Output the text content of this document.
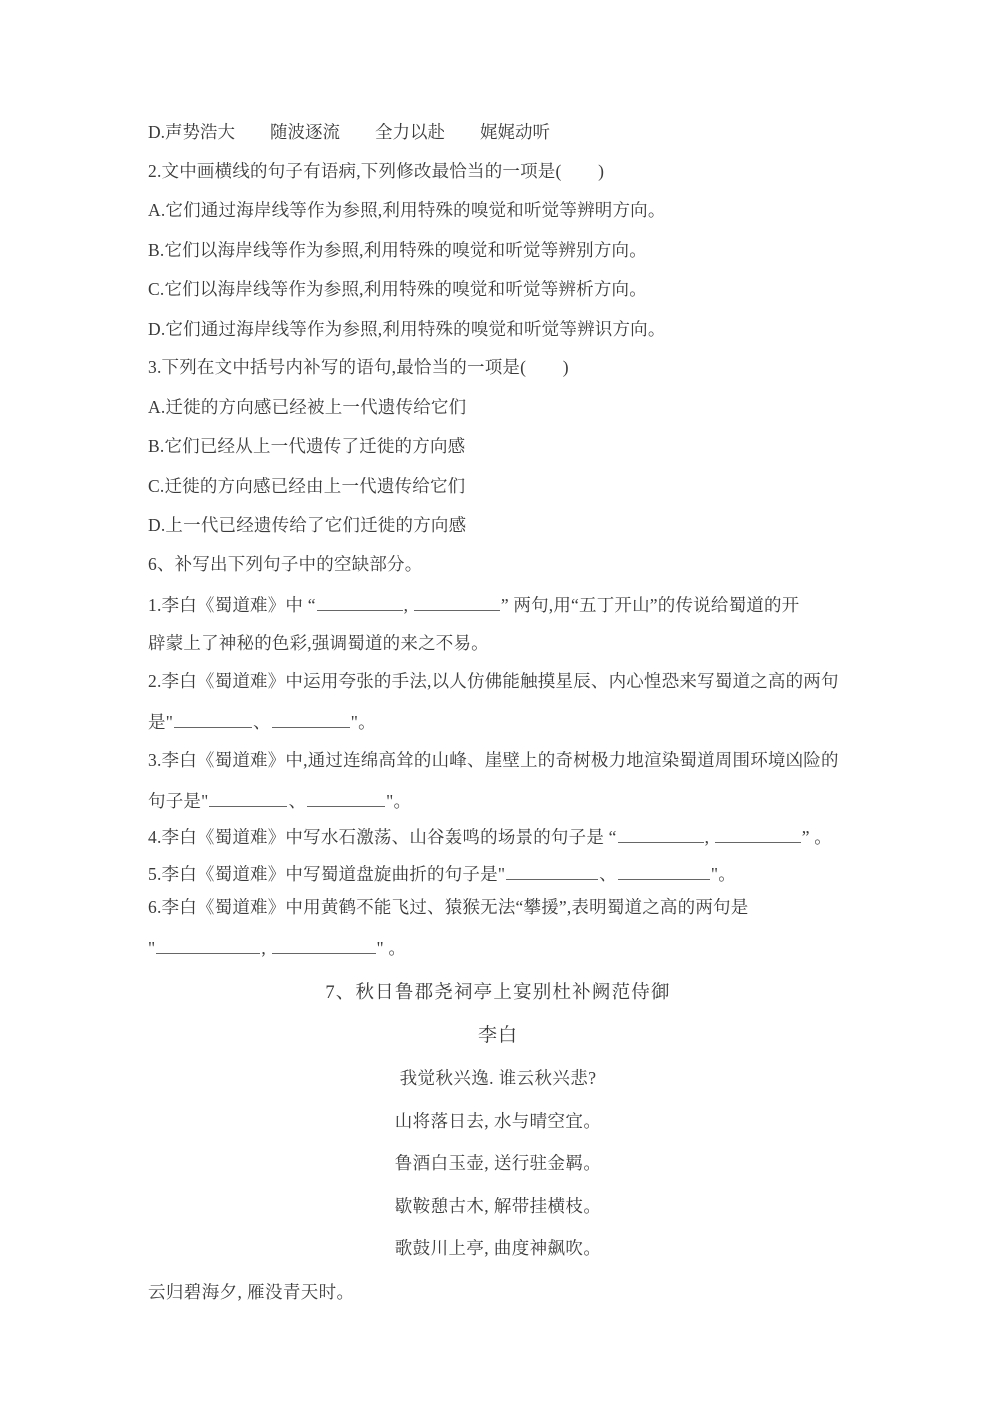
D.声势浩大        随波逐流        全力以赴        娓娓动听
2.文中画横线的句子有语病,下列修改最恰当的一项是(        )
A.它们通过海岸线等作为参照,利用特殊的嗅觉和听觉等辨明方向。
B.它们以海岸线等作为参照,利用特殊的嗅觉和听觉等辨别方向。
C.它们以海岸线等作为参照,利用特殊的嗅觉和听觉等辨析方向。
D.它们通过海岸线等作为参照,利用特殊的嗅觉和听觉等辨识方向。
3.下列在文中括号内补写的语句,最恰当的一项是(        )
A.迁徙的方向感已经被上一代遗传给它们
B.它们已经从上一代遗传了迁徙的方向感
C.迁徙的方向感已经由上一代遗传给它们
D.上一代已经遗传给了它们迁徙的方向感
6、补写出下列句子中的空缺部分。
1.李白《蜀道难》中 “	,	” 两句,用“五丁开山”的传说给蜀道的开
辟蒙上了神秘的色彩,强调蜀道的来之不易。
2.李白《蜀道难》中运用夸张的手法,以人仿佛能触摸星辰、内心惶恐来写蜀道之高的两句
是"	、	"。
3.李白《蜀道难》中,通过连绵高耸的山峰、崖壁上的奇树极力地渲染蜀道周围环境凶险的
句子是"	、	"。
4.李白《蜀道难》中写水石激荡、山谷轰鸣的场景的句子是 “	,	” 。
5.李白《蜀道难》中写蜀道盘旋曲折的句子是"	、	"。
6.李白《蜀道难》中用黄鹤不能飞过、猿猴无法“攀援”,表明蜀道之高的两句是
"	,	" 。
7、秋日鲁郡尧祠亭上宴别杜补阙范侍御
李白
我觉秋兴逸. 谁云秋兴悲?
山将落日去, 水与晴空宜。
鲁酒白玉壶, 送行驻金羁。
歇鞍憩古木, 解带挂横枝。
歌鼓川上亭, 曲度神飙吹。
云归碧海夕, 雁没青天时。
